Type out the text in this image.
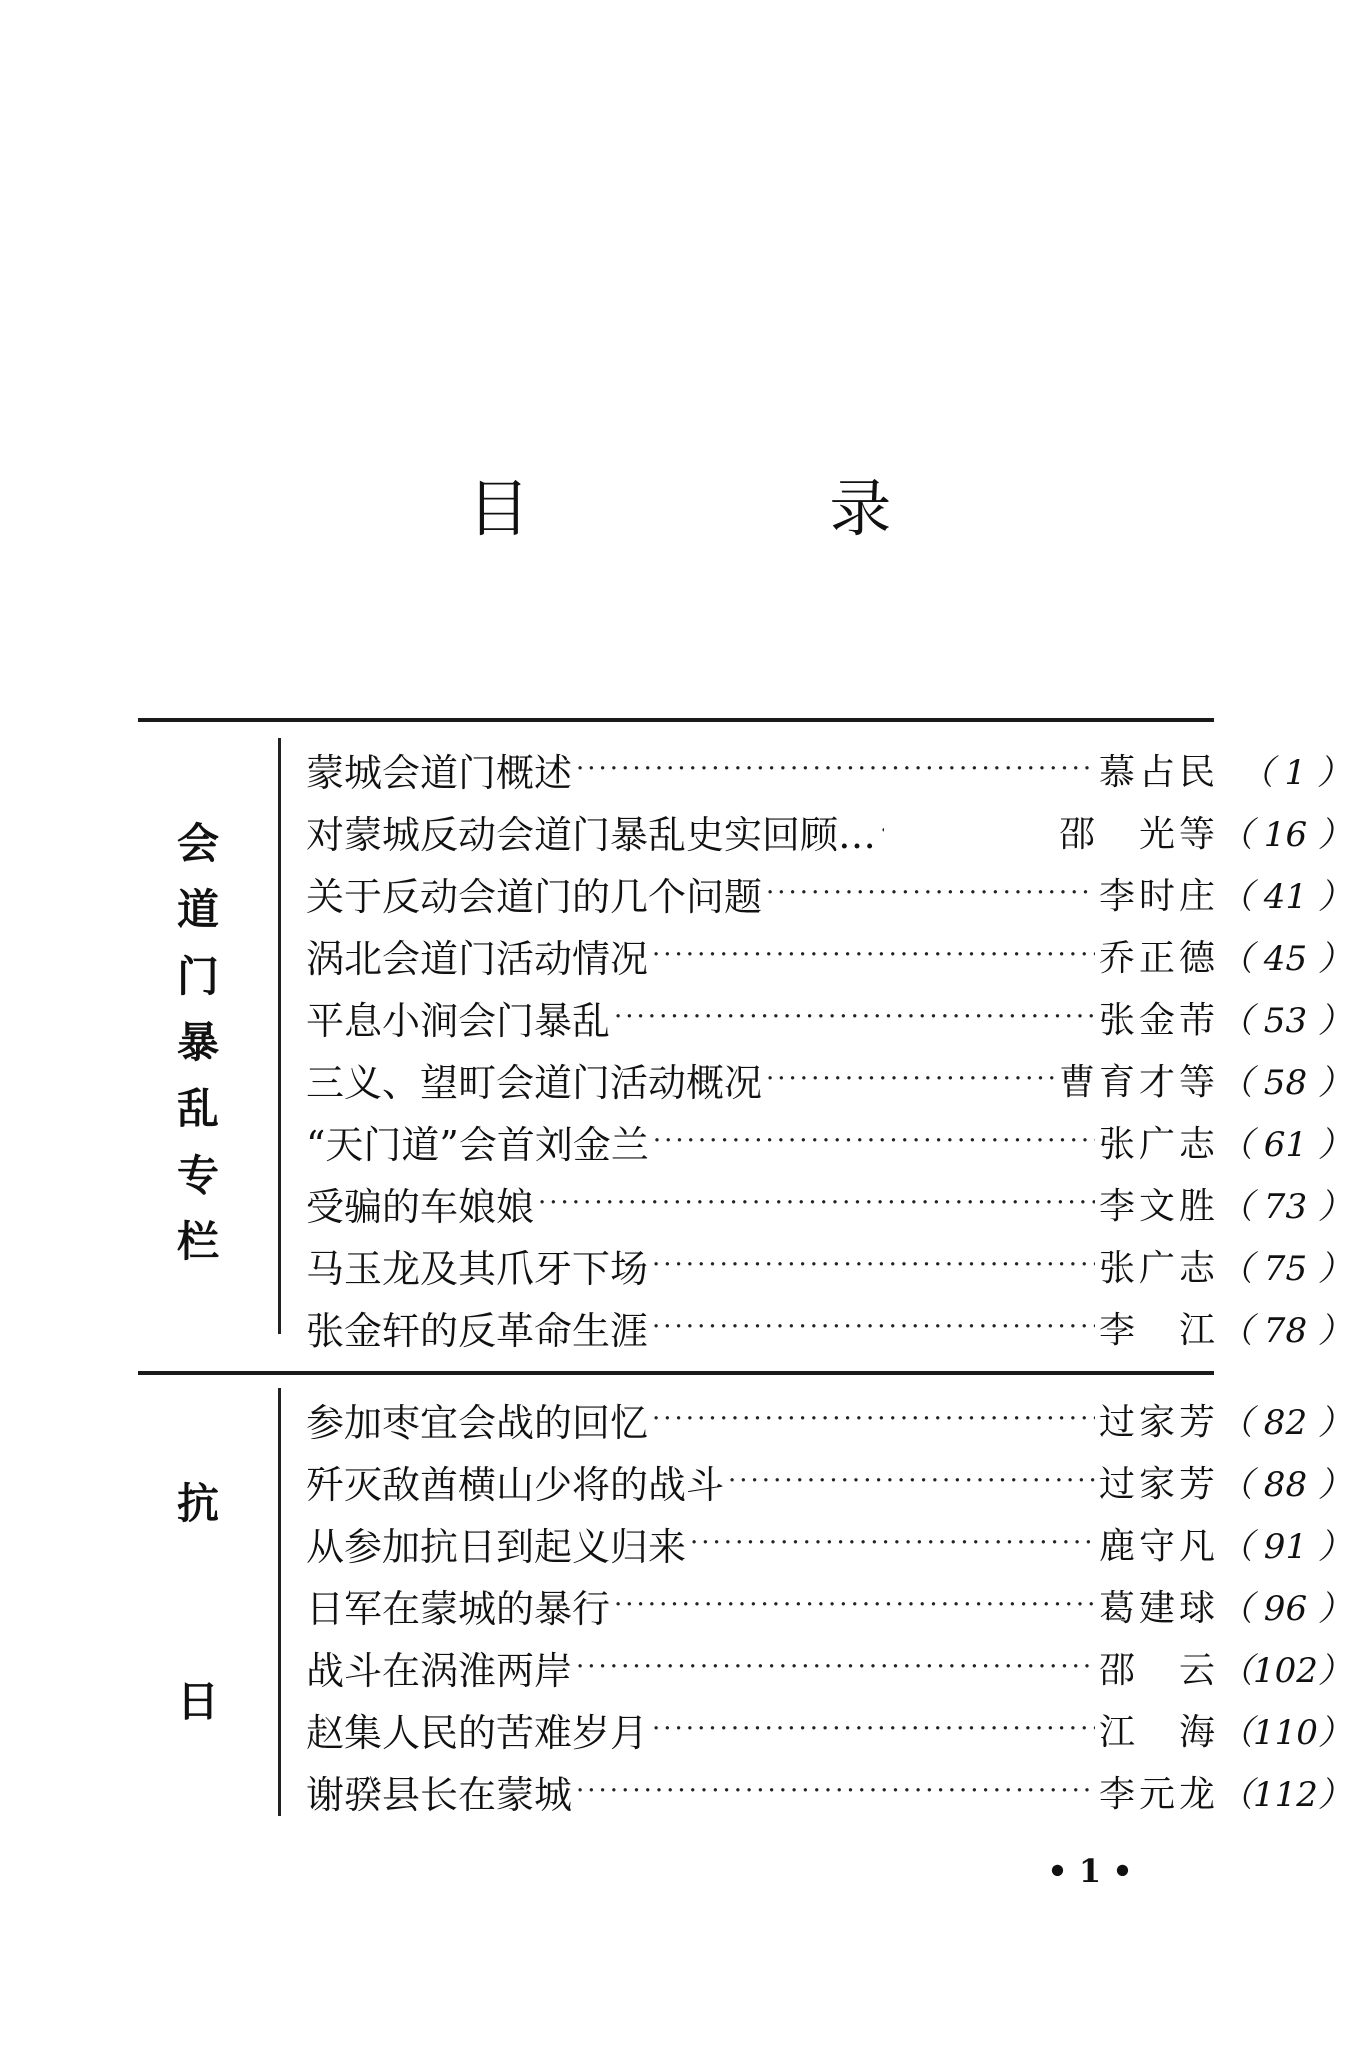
目 录
会
道
门
暴
乱
专
栏
蒙城会道门概述 ·····	慕占民 （ 1 ）
对蒙城反动会道门暴乱史实回顾… ·····	邵　光等 （ 16 ）
关于反动会道门的几个问题 ·····	李时庄 （ 41 ）
涡北会道门活动情况 ·····	乔正德 （ 45 ）
平息小涧会门暴乱 ·····	张金芾 （ 53 ）
三义、望町会道门活动概况 ·····	曹育才等 （ 58 ）
“天门道”会首刘金兰 ·····	张广志 （ 61 ）
受骗的车娘娘 ·····	李文胜 （ 73 ）
马玉龙及其爪牙下场 ·····	张广志 （ 75 ）
张金轩的反革命生涯 ·····	李　江 （ 78 ）
抗
日
参加枣宜会战的回忆 ·····	过家芳 （ 82 ）
歼灭敌酋横山少将的战斗 ·····	过家芳 （ 88 ）
从参加抗日到起义归来 ·····	鹿守凡 （ 91 ）
日军在蒙城的暴行 ·····	葛建球 （ 96 ）
战斗在涡淮两岸 ·····	邵　云 （102）
赵集人民的苦难岁月 ·····	江　海 （110）
谢骙县长在蒙城 ·····	李元龙 （112）
• 1 •
